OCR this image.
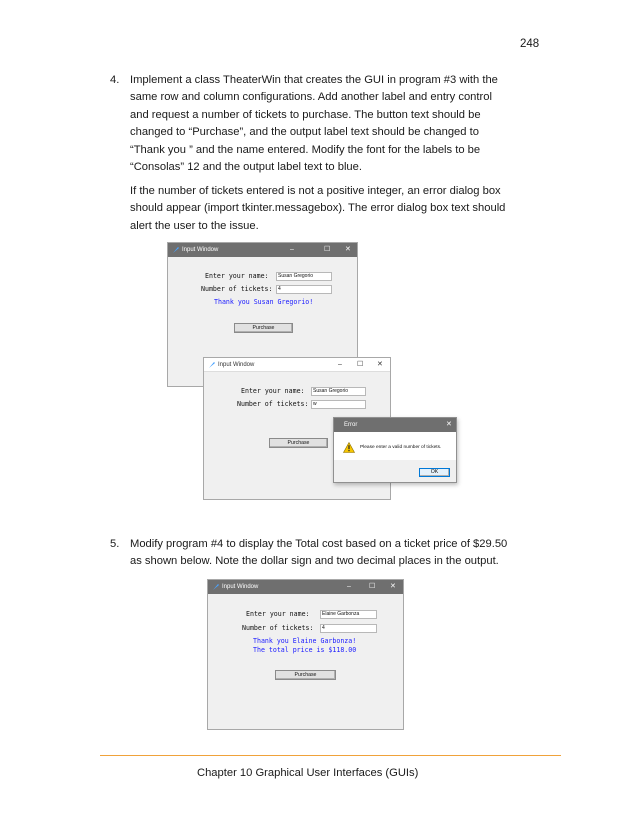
248
4. Implement a class TheaterWin that creates the GUI in program #3 with the same row and column configurations. Add another label and entry control and request a number of tickets to purchase. The button text should be changed to “Purchase”, and the output label text should be changed to “Thank you ” and the name entered. Modify the font for the labels to be “Consolas” 12 and the output label text to blue.
If the number of tickets entered is not a positive integer, an error dialog box should appear (import tkinter.messagebox). The error dialog box text should alert the user to the issue.
Input Window	–	☐ ✕
Enter your name:	Susan Gregorio
Number of tickets:	4
Thank you Susan Gregorio!
Purchase
Input Window	– ☐ ✕
Enter your name:	Susan Gregorio
Number of tickets: w
Purchase
Error	✕
Please enter a valid number of tickets.
OK
5. Modify program #4 to display the Total cost based on a ticket price of $29.50 as shown below. Note the dollar sign and two decimal places in the output.
Input Window	–	☐ ✕
Enter your name:	Elaine Garbonza
Number of tickets:	4
Thank you Elaine Garbonza!
The total price is $118.00
Purchase
Chapter 10 Graphical User Interfaces (GUIs)
